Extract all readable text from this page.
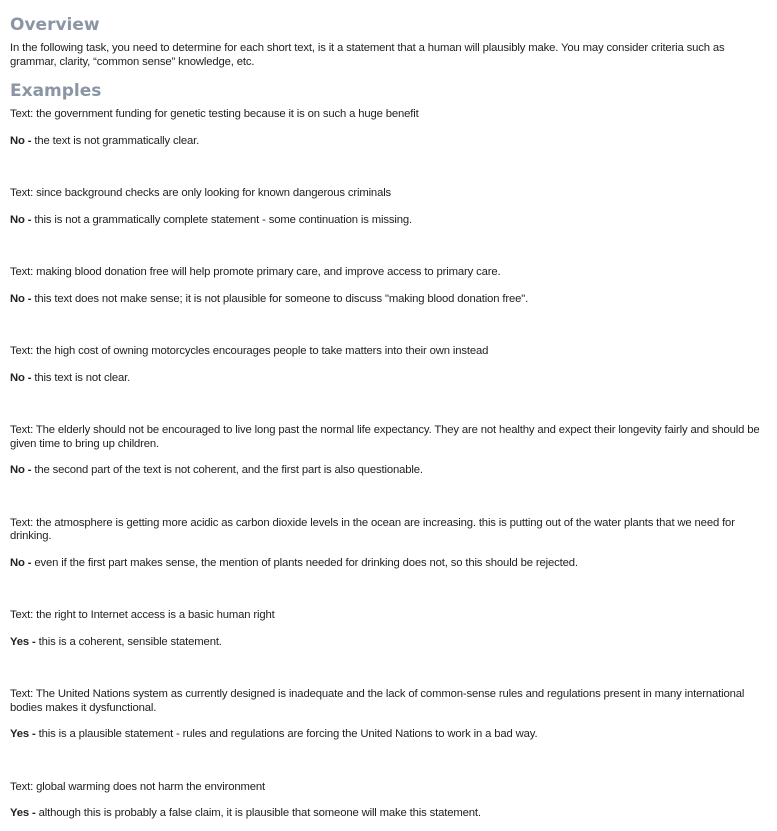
Overview

In the following task, you need to determine for each short text, is it a statement that a human will plausibly make. You may consider criteria such as grammar, clarity, “common sense” knowledge, etc.

Examples

Text: the government funding for genetic testing because it is on such a huge benefit

No - the text is not grammatically clear.

Text: since background checks are only looking for known dangerous criminals

No - this is not a grammatically complete statement - some continuation is missing.

Text: making blood donation free will help promote primary care, and improve access to primary care.

No - this text does not make sense; it is not plausible for someone to discuss "making blood donation free".

Text: the high cost of owning motorcycles encourages people to take matters into their own instead

No - this text is not clear.

Text: The elderly should not be encouraged to live long past the normal life expectancy. They are not healthy and expect their longevity fairly and should be given time to bring up children.

No - the second part of the text is not coherent, and the first part is also questionable.

Text: the atmosphere is getting more acidic as carbon dioxide levels in the ocean are increasing. this is putting out of the water plants that we need for drinking.

No - even if the first part makes sense, the mention of plants needed for drinking does not, so this should be rejected.

Text: the right to Internet access is a basic human right

Yes - this is a coherent, sensible statement.

Text: The United Nations system as currently designed is inadequate and the lack of common-sense rules and regulations present in many international bodies makes it dysfunctional.

Yes - this is a plausible statement - rules and regulations are forcing the United Nations to work in a bad way.

Text: global warming does not harm the environment

Yes - although this is probably a false claim, it is plausible that someone will make this statement.
